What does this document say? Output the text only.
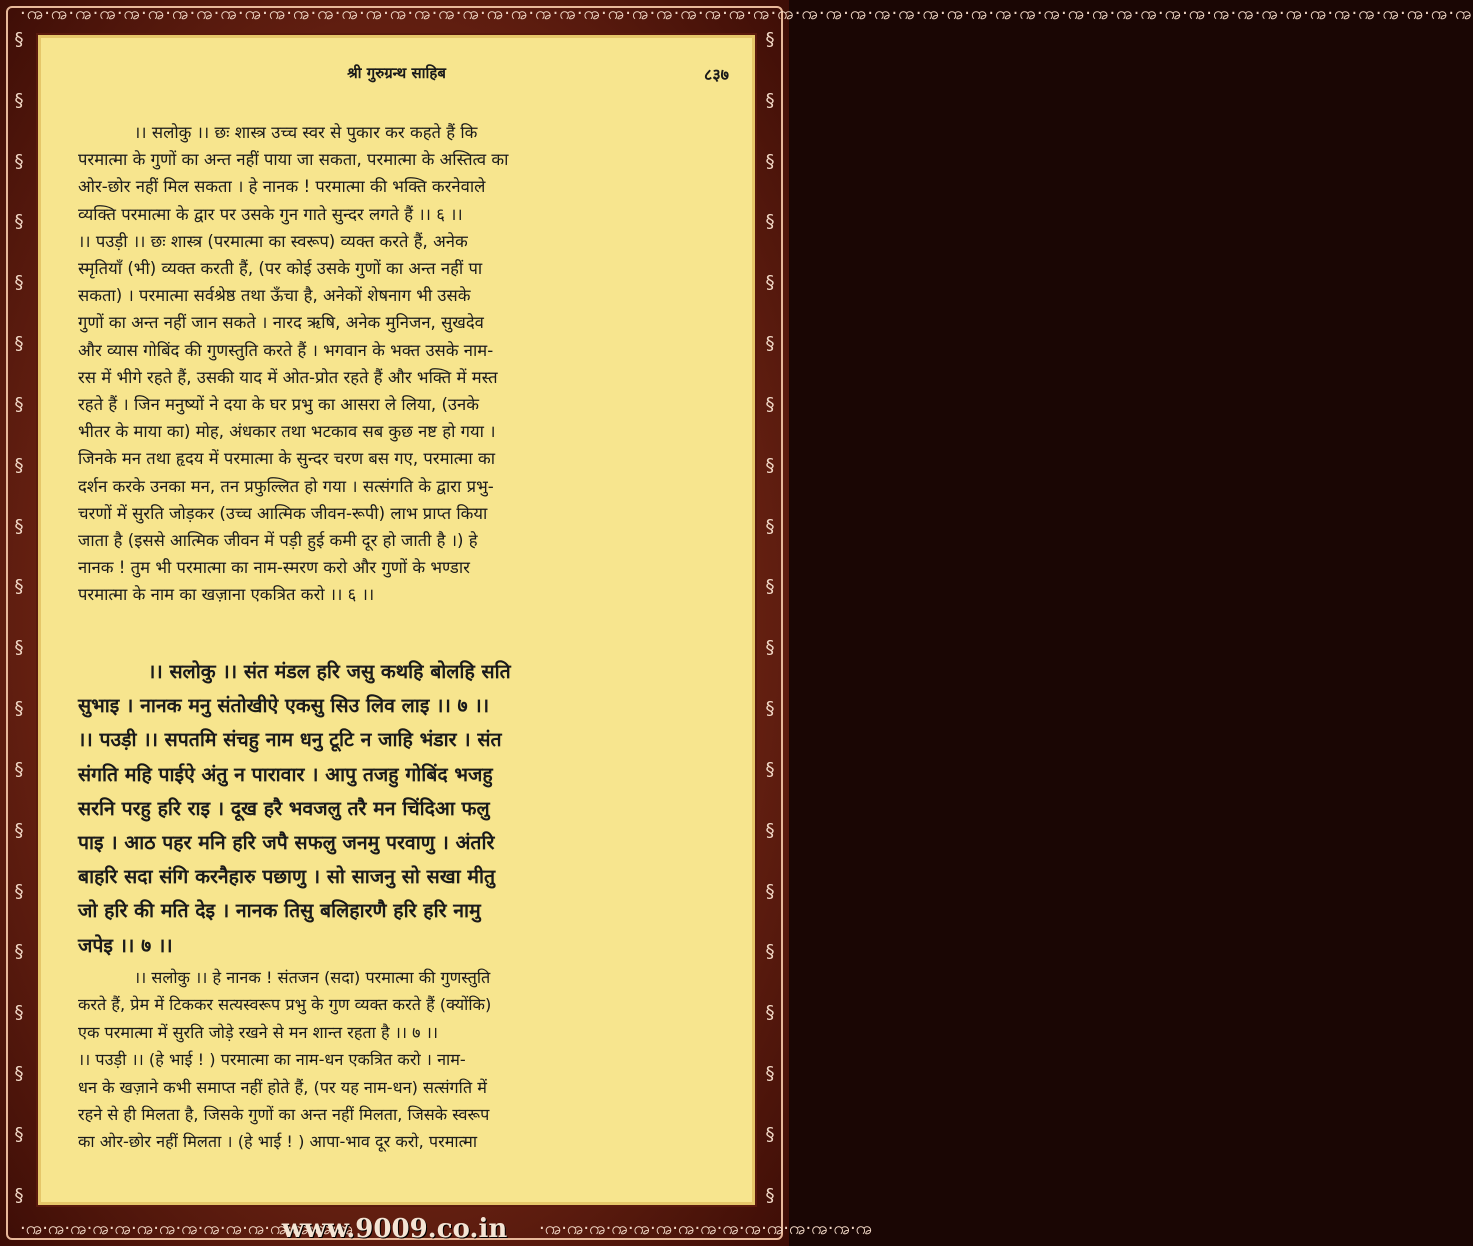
·ꩠ·ꩠ·ꩠ·ꩠ·ꩠ·ꩠ·ꩠ·ꩠ·ꩠ·ꩠ·ꩠ·ꩠ·ꩠ·ꩠ·ꩠ·ꩠ·ꩠ·ꩠ·ꩠ·ꩠ·ꩠ·ꩠ·ꩠ·ꩠ·ꩠ·ꩠ·ꩠ·ꩠ·ꩠ·ꩠ·ꩠ·ꩠ·ꩠ·ꩠ·ꩠ·ꩠ·ꩠ·ꩠ·ꩠ·ꩠ·ꩠ·ꩠ·ꩠ·ꩠ·ꩠ·ꩠ·ꩠ·ꩠ·ꩠ·ꩠ·ꩠ·ꩠ·ꩠ·ꩠ·ꩠ·ꩠ·ꩠ·ꩠ·ꩠ·ꩠ
§
§
§
§
§
§
§
§
§
§
§
§
§
§
§
§
§
§
§
§
§
§
§
§
§
§
§
§
§
§
§
§
§
§
§
§
§
§
§
§
श्री गुरुग्रन्थ साहिब	८३७
।। सलोकु ।। छः शास्त्र उच्च स्वर से पुकार कर कहते हैं कि
परमात्मा के गुणों का अन्त नहीं पाया जा सकता, परमात्मा के अस्तित्व का
ओर-छोर नहीं मिल सकता । हे नानक ! परमात्मा की भक्ति करनेवाले
व्यक्ति परमात्मा के द्वार पर उसके गुन गाते सुन्दर लगते हैं ।। ६ ।।
।। पउड़ी ।। छः शास्त्र (परमात्मा का स्वरूप) व्यक्त करते हैं, अनेक
स्मृतियाँ (भी) व्यक्त करती हैं, (पर कोई उसके गुणों का अन्त नहीं पा
सकता) । परमात्मा सर्वश्रेष्ठ तथा ऊँचा है, अनेकों शेषनाग भी उसके
गुणों का अन्त नहीं जान सकते । नारद ऋषि, अनेक मुनिजन, सुखदेव
और व्यास गोबिंद की गुणस्तुति करते हैं । भगवान के भक्त उसके नाम-
रस में भीगे रहते हैं, उसकी याद में ओत-प्रोत रहते हैं और भक्ति में मस्त
रहते हैं । जिन मनुष्यों ने दया के घर प्रभु का आसरा ले लिया, (उनके
भीतर के माया का) मोह, अंधकार तथा भटकाव सब कुछ नष्ट हो गया ।
जिनके मन तथा हृदय में परमात्मा के सुन्दर चरण बस गए, परमात्मा का
दर्शन करके उनका मन, तन प्रफुल्लित हो गया । सत्संगति के द्वारा प्रभु-
चरणों में सुरति जोड़कर (उच्च आत्मिक जीवन-रूपी) लाभ प्राप्त किया
जाता है (इससे आत्मिक जीवन में पड़ी हुई कमी दूर हो जाती है ।) हे
नानक ! तुम भी परमात्मा का नाम-स्मरण करो और गुणों के भण्डार
परमात्मा के नाम का खज़ाना एकत्रित करो ।। ६ ।।
।। सलोकु ।। संत मंडल हरि जसु कथहि बोलहि सति
सुभाइ । नानक मनु संतोखीऐ एकसु सिउ लिव लाइ ।। ७ ।।
।। पउड़ी ।। सपतमि संचहु नाम धनु टूटि न जाहि भंडार । संत
संगति महि पाईऐ अंतु न पारावार । आपु तजहु गोबिंद भजहु
सरनि परहु हरि राइ । दूख हरै भवजलु तरै मन चिंदिआ फलु
पाइ । आठ पहर मनि हरि जपै सफलु जनमु परवाणु । अंतरि
बाहरि सदा संगि करनैहारु पछाणु । सो साजनु सो सखा मीतु
जो हरि की मति देइ । नानक तिसु बलिहारणै हरि हरि नामु
जपेइ ।। ७ ।।
।। सलोकु ।। हे नानक ! संतजन (सदा) परमात्मा की गुणस्तुति
करते हैं, प्रेम में टिककर सत्यस्वरूप प्रभु के गुण व्यक्त करते हैं (क्योंकि)
एक परमात्मा में सुरति जोड़े रखने से मन शान्त रहता है ।। ७ ।।
।। पउड़ी ।। (हे भाई ! ) परमात्मा का नाम-धन एकत्रित करो । नाम-
धन के खज़ाने कभी समाप्त नहीं होते हैं, (पर यह नाम-धन) सत्संगति में
रहने से ही मिलता है, जिसके गुणों का अन्त नहीं मिलता, जिसके स्वरूप
का ओर-छोर नहीं मिलता । (हे भाई ! ) आपा-भाव दूर करो, परमात्मा
·ꩠ·ꩠ·ꩠ·ꩠ·ꩠ·ꩠ·ꩠ·ꩠ·ꩠ·ꩠ·ꩠ·ꩠ·ꩠ·ꩠ·ꩠ
www.9009.co.in	·ꩠ·ꩠ·ꩠ·ꩠ·ꩠ·ꩠ·ꩠ·ꩠ·ꩠ·ꩠ·ꩠ·ꩠ·ꩠ·ꩠ·ꩠ
